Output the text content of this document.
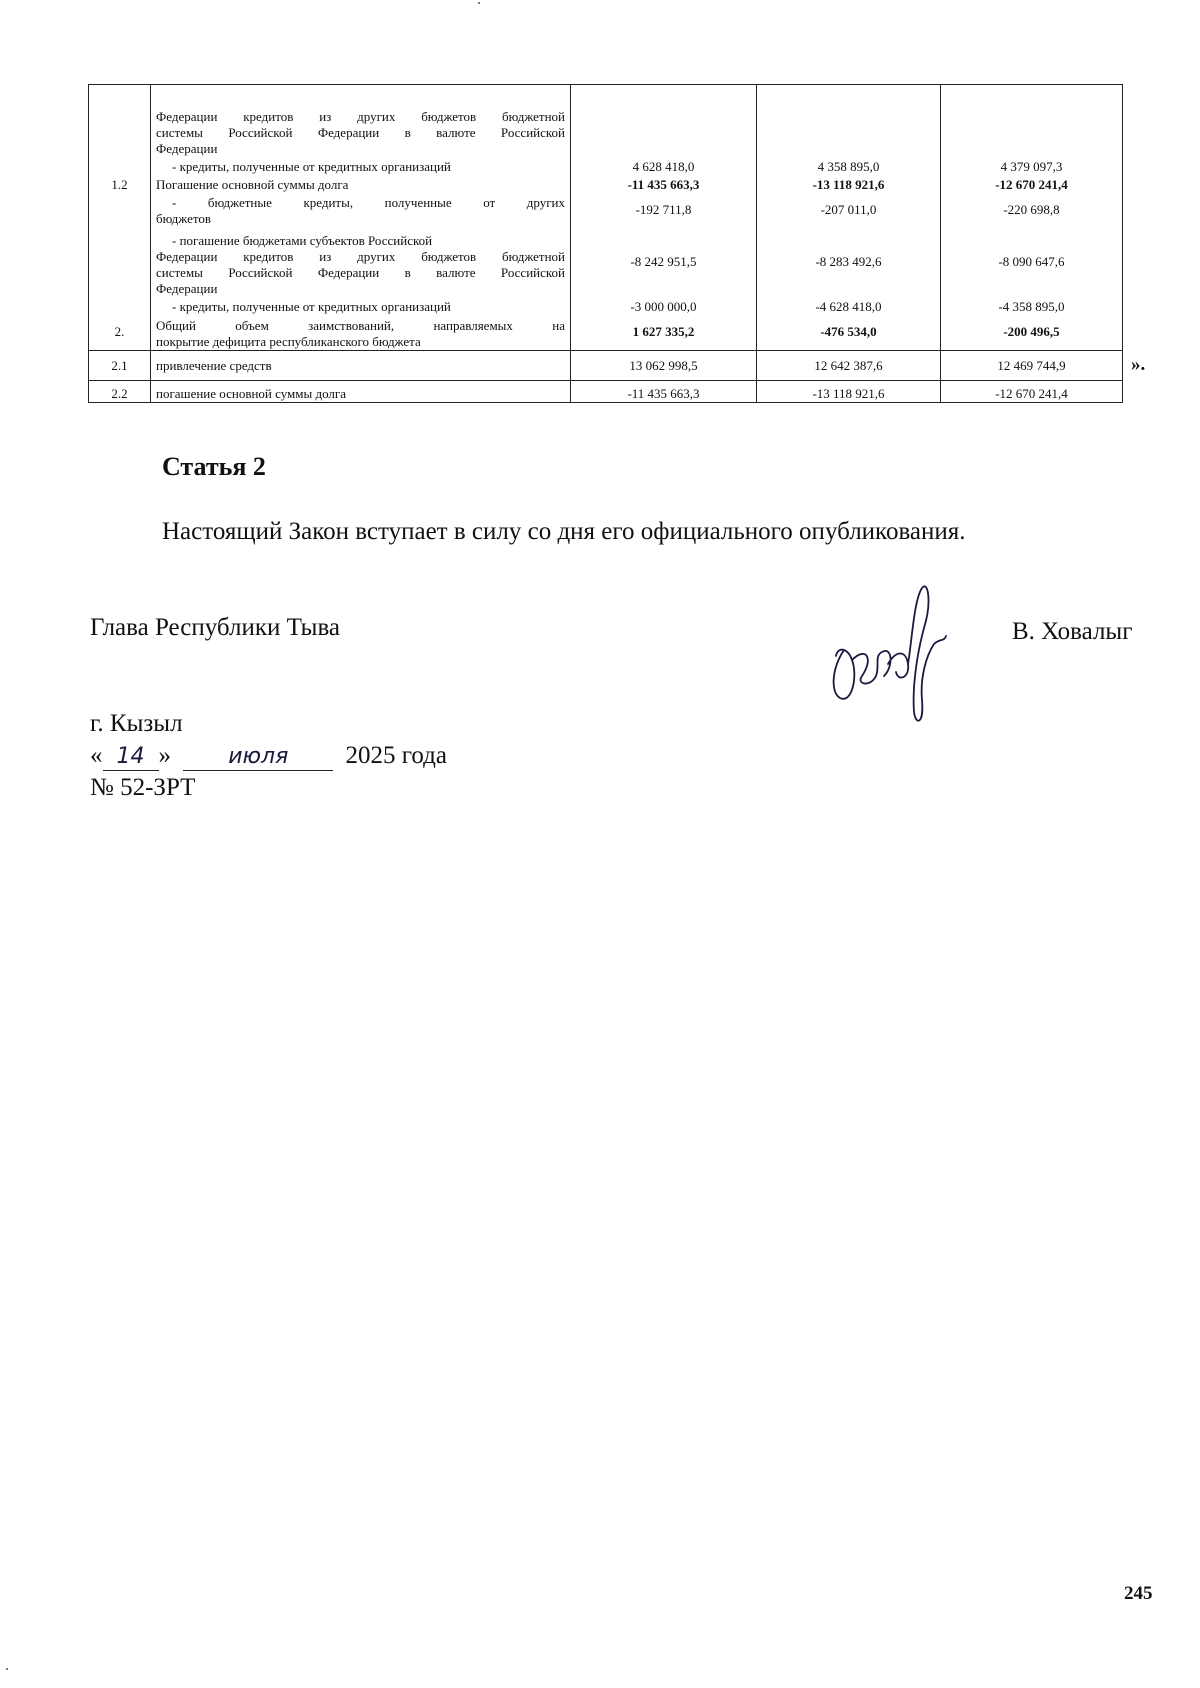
	Федерации кредитов из других бюджетов бюджетной
системы Российской Федерации в валюте Российской
Федерации			

	- кредиты, полученные от кредитных организаций	4 628 418,0	4 358 895,0	4 379 097,3
1.2	Погашение основной суммы долга	-11 435 663,3	-13 118 921,6	-12 670 241,4

	- бюджетные кредиты, полученные от других
бюджетов	-192 711,8	-207 011,0	-220 698,8

	- погашение бюджетами субъектов Российской
Федерации кредитов из других бюджетов бюджетной
системы Российской Федерации в валюте Российской
Федерации	-8 242 951,5	-8 283 492,6	-8 090 647,6

	- кредиты, полученные от кредитных организаций	-3 000 000,0	-4 628 418,0	-4 358 895,0
2.	Общий объем заимствований, направляемых на
покрытие дефицита республиканского бюджета	1 627 335,2	-476 534,0	-200 496,5
2.1	привлечение средств	13 062 998,5	12 642 387,6	12 469 744,9
2.2	погашение основной суммы долга	-11 435 663,3	-13 118 921,6	-12 670 241,4
».
Статья 2

Настоящий Закон вступает в силу со дня его официального опубликования.

Глава Республики Тыва	В. Ховалыг
г. Кызыл
« 14 »	июля 2025 года
№ 52-ЗРТ
245
